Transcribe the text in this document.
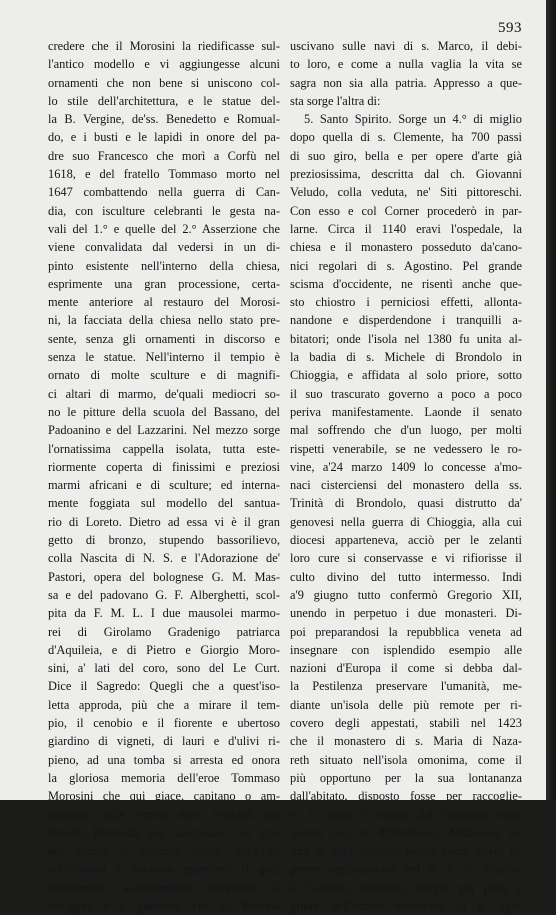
593
credere che il Morosini la riedificasse sul-
l'antico modello e vi aggiungesse alcuni
ornamenti che non bene si uniscono col-
lo stile dell'architettura, e le statue del-
la B. Vergine, de'ss. Benedetto e Romual-
do, e i busti e le lapidi in onore del pa-
dre suo Francesco che morì a Corfù nel
1618, e del fratello Tommaso morto nel
1647 combattendo nella guerra di Can-
dia, con isculture celebranti le gesta na-
vali del 1.° e quelle del 2.° Asserzione che
viene convalidata dal vedersi in un di-
pinto esistente nell'interno della chiesa,
esprimente una gran processione, certa-
mente anteriore al restauro del Morosi-
ni, la facciata della chiesa nello stato pre-
sente, senza gli ornamenti in discorso e
senza le statue. Nell'interno il tempio è
ornato di molte sculture e di magnifi-
ci altari di marmo, de'quali mediocri so-
no le pitture della scuola del Bassano, del
Padoanino e del Lazzarini. Nel mezzo sorge
l'ornatissima cappella isolata, tutta este-
riormente coperta di finissimi e preziosi
marmi africani e di sculture; ed interna-
mente foggiata sul modello del santua-
rio di Loreto. Dietro ad essa vi è il gran
getto di bronzo, stupendo bassorilievo,
colla Nascita di N. S. e l'Adorazione de'
Pastori, opera del bolognese G. M. Mas-
sa e del padovano G. F. Alberghetti, scol-
pita da F. M. L. I due mausolei marmo-
rei di Girolamo Gradenigo patriarca
d'Aquileia, e di Pietro e Giorgio Moro-
sini, a' lati del coro, sono del Le Curt.
Dice il Sagredo: Quegli che a quest'iso-
letta approda, più che a mirare il tem-
pio, il cenobio e il fiorente e ubertoso
giardino di vigneti, di lauri e d'ulivi ri-
pieno, ad una tomba si arresta ed onora
la gloriosa memoria dell'eroe Tommaso
Morosini che qui giace, capitano o am-
miraglio delle venete navi, erettagli dal
fratello Bernardo suo successore nel gra-
do, vicino al comune padre, anch'egli
nobilissimo e valoroso guerriero. Il qual
monumento solennemente ricordava a'
naviganti e a' guerrieri, che da Venezia
uscivano sulle navi di s. Marco, il debi-
to loro, e come a nulla vaglia la vita se
sagra non sia alla patria. Appresso a que-
sta sorge l'altra di:
5. Santo Spirito. Sorge un 4.° di miglio
dopo quella di s. Clemente, ha 700 passi
di suo giro, bella e per opere d'arte già
preziosissima, descritta dal ch. Giovanni
Veludo, colla veduta, ne' Siti pittoreschi.
Con esso e col Corner procederò in par-
larne. Circa il 1140 eravi l'ospedale, la
chiesa e il monastero posseduto da'cano-
nici regolari di s. Agostino. Pel grande
scisma d'occidente, ne risentì anche que-
sto chiostro i perniciosi effetti, allonta-
nandone e disperdendone i tranquilli a-
bitatori; onde l'isola nel 1380 fu unita al-
la badia di s. Michele di Brondolo in
Chioggia, e affidata al solo priore, sotto
il suo trascurato governo a poco a poco
periva manifestamente. Laonde il senato
mal soffrendo che d'un luogo, per molti
rispetti venerabile, se ne vedessero le ro-
vine, a'24 marzo 1409 lo concesse a'mo-
naci cisterciensi del monastero della ss.
Trinità di Brondolo, quasi distrutto da'
genovesi nella guerra di Chioggia, alla cui
diocesi apparteneva, acciò per le zelanti
loro cure si conservasse e vi rifiorisse il
culto divino del tutto intermesso. Indi
a'9 giugno tutto confermò Gregorio XII,
unendo in perpetuo i due monasteri. Di-
poi preparandosi la repubblica veneta ad
insegnare con isplendido esempio alle
nazioni d'Europa il come si debba dal-
la Pestilenza preservare l'umanità, me-
diante un'isola delle più remote per ri-
covero degli appestati, stabilì nel 1423
che il monastero di s. Maria di Naza-
reth situato nell'isola omonima, come il
più opportuno per la sua lontananza
dall'abitato, disposto fosse per raccoglie-
re e curare i colpiti dal contagio, onde
questo non si diffondesse. Abitavano al-
lora in quel solitario luogo, come dovrò ri-
petere ragionandone nel n. 7, fr. Gabrie-
le Garofali spoletino, insigne per pietà e
priore dell'ordine eremitano di s. Ago-
